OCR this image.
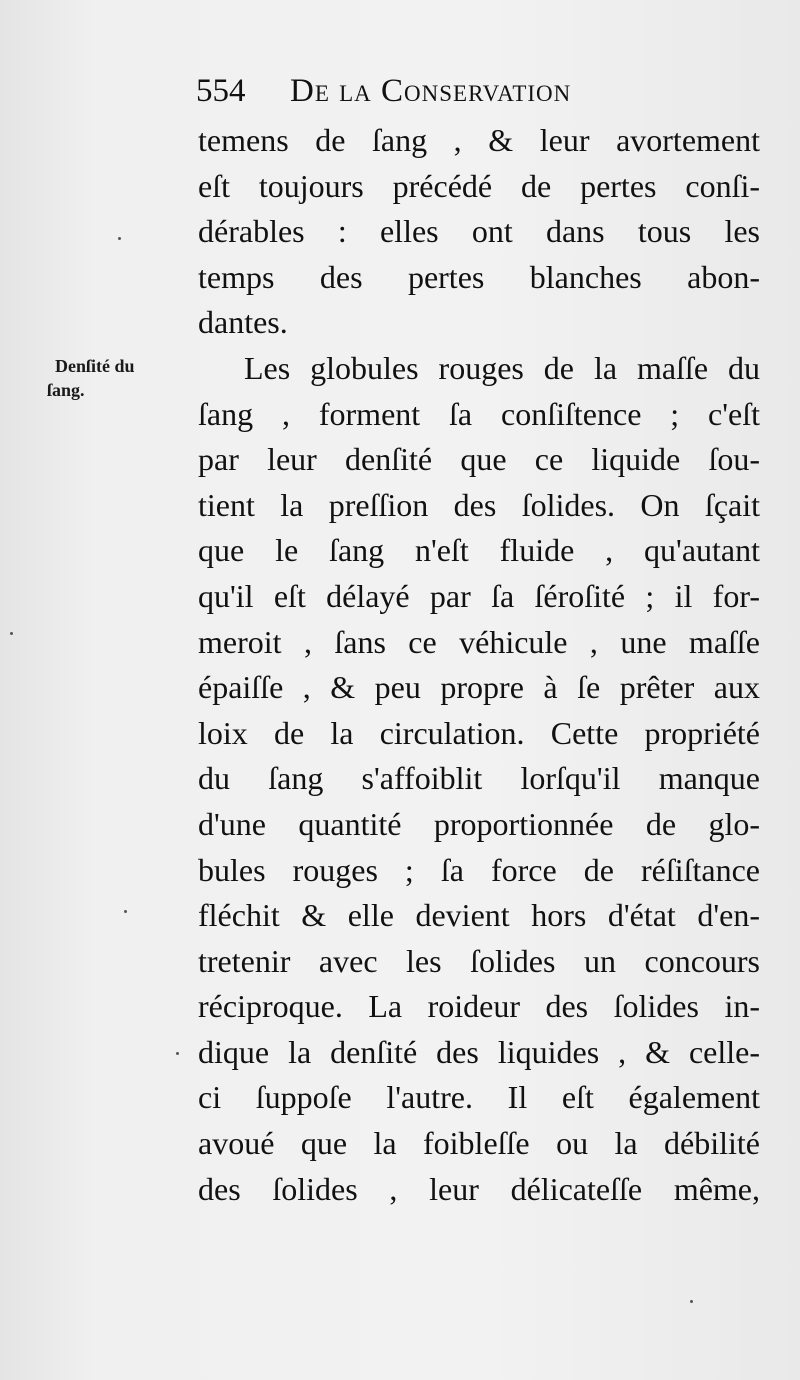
554 De la Conservation
Denſité du
ſang.
temens de ſang , & leur avortement
eſt toujours précédé de pertes conſi-
dérables : elles ont dans tous les
temps des pertes blanches abon-
dantes.
Les globules rouges de la maſſe du
ſang , forment ſa conſiſtence ; c'eſt
par leur denſité que ce liquide ſou-
tient la preſſion des ſolides. On ſçait
que le ſang n'eſt fluide , qu'autant
qu'il eſt délayé par ſa ſéroſité ; il for-
meroit , ſans ce véhicule , une maſſe
épaiſſe , & peu propre à ſe prêter aux
loix de la circulation. Cette propriété
du ſang s'affoiblit lorſqu'il manque
d'une quantité proportionnée de glo-
bules rouges ; ſa force de réſiſtance
fléchit & elle devient hors d'état d'en-
tretenir avec les ſolides un concours
réciproque. La roideur des ſolides in-
dique la denſité des liquides , & celle-
ci ſuppoſe l'autre. Il eſt également
avoué que la foibleſſe ou la débilité
des ſolides , leur délicateſſe même,
